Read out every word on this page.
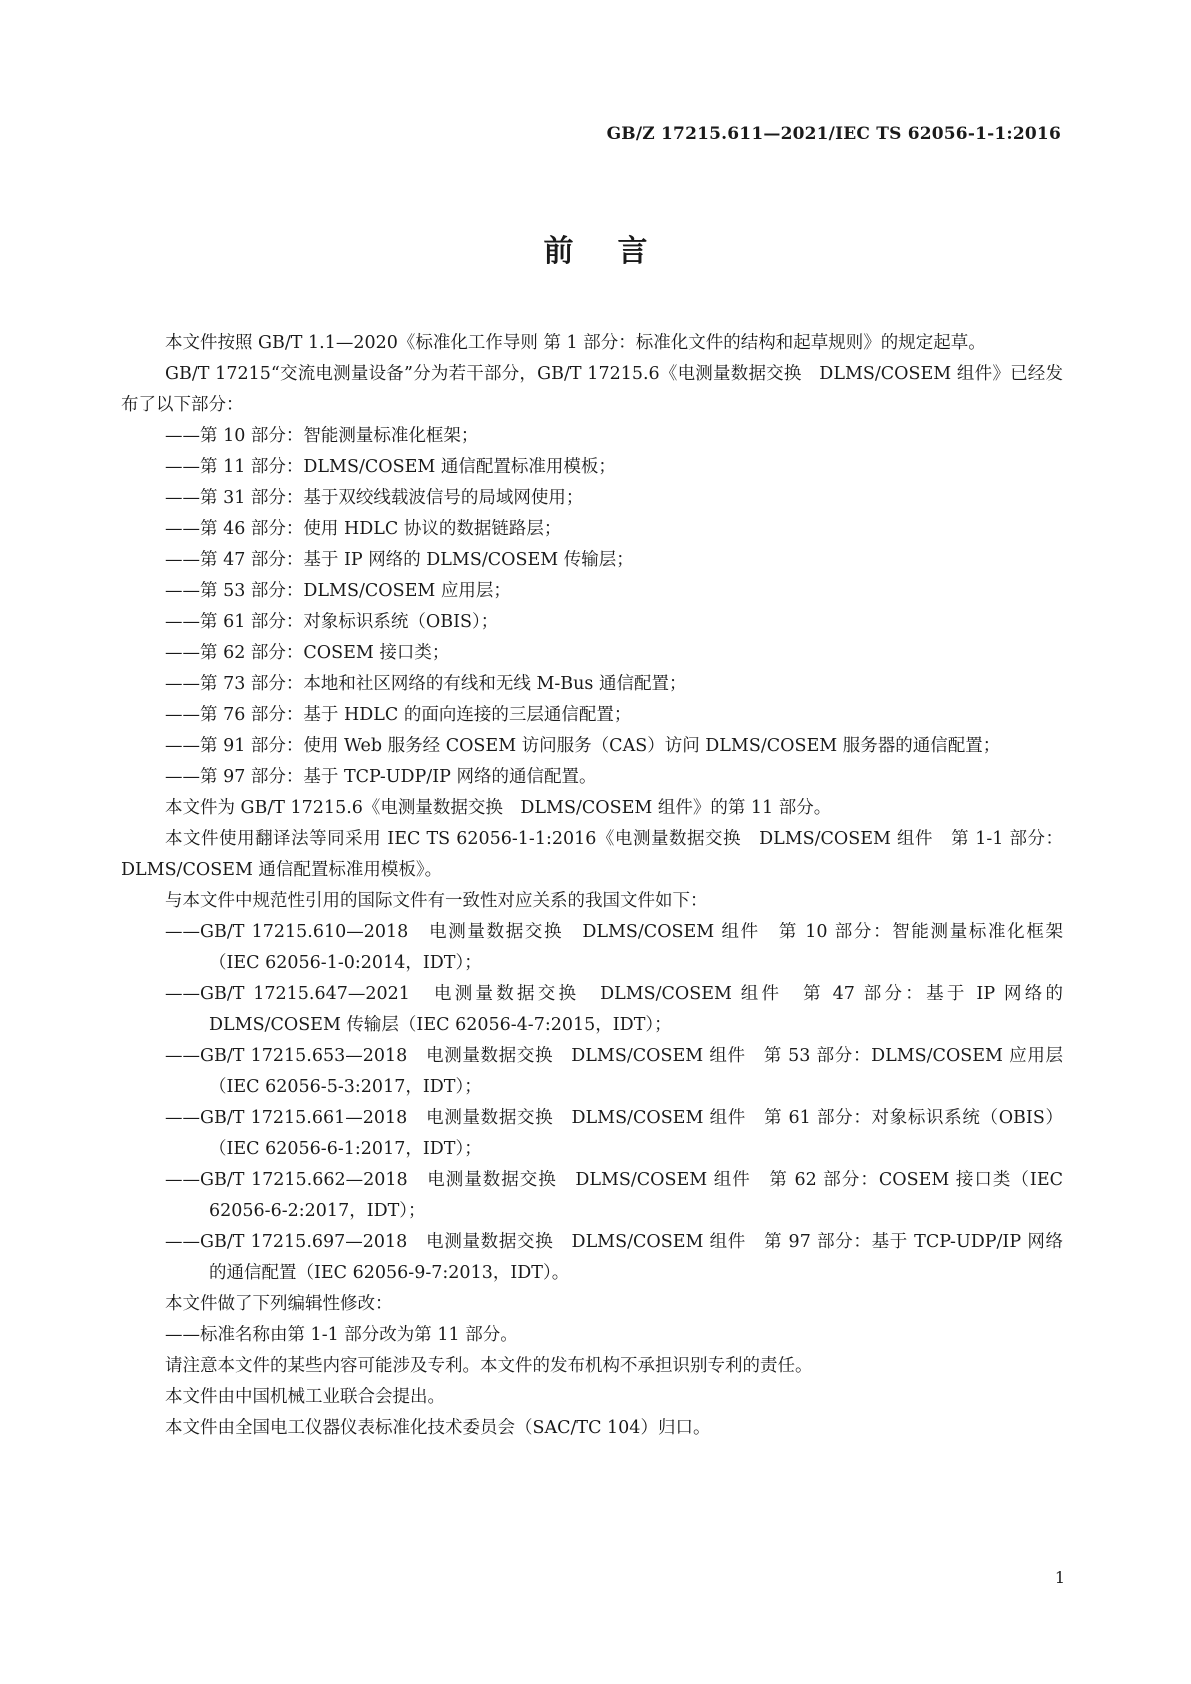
GB/Z 17215.611—2021/IEC TS 62056-1-1:2016
前言

本文件按照 GB/T 1.1—2020《标准化工作导则 第 1 部分：标准化文件的结构和起草规则》的规定起草。

GB/T 17215“交流电测量设备”分为若干部分，GB/T 17215.6《电测量数据交换　DLMS/COSEM 组件》已经发布了以下部分：

——第 10 部分：智能测量标准化框架；

——第 11 部分：DLMS/COSEM 通信配置标准用模板；

——第 31 部分：基于双绞线载波信号的局域网使用；

——第 46 部分：使用 HDLC 协议的数据链路层；

——第 47 部分：基于 IP 网络的 DLMS/COSEM 传输层；

——第 53 部分：DLMS/COSEM 应用层；

——第 61 部分：对象标识系统（OBIS）；

——第 62 部分：COSEM 接口类；

——第 73 部分：本地和社区网络的有线和无线 M-Bus 通信配置；

——第 76 部分：基于 HDLC 的面向连接的三层通信配置；

——第 91 部分：使用 Web 服务经 COSEM 访问服务（CAS）访问 DLMS/COSEM 服务器的通信配置；

——第 97 部分：基于 TCP-UDP/IP 网络的通信配置。

本文件为 GB/T 17215.6《电测量数据交换　DLMS/COSEM 组件》的第 11 部分。

本文件使用翻译法等同采用 IEC TS 62056-1-1:2016《电测量数据交换　DLMS/COSEM 组件　第 1-1 部分：DLMS/COSEM 通信配置标准用模板》。

与本文件中规范性引用的国际文件有一致性对应关系的我国文件如下：

——GB/T 17215.610—2018　电测量数据交换　DLMS/COSEM 组件　第 10 部分：智能测量标准化框架（IEC 62056-1-0:2014，IDT）；

——GB/T 17215.647—2021　电测量数据交换　DLMS/COSEM 组件　第 47 部分：基于 IP 网络的 DLMS/COSEM 传输层（IEC 62056-4-7:2015，IDT）；

——GB/T 17215.653—2018　电测量数据交换　DLMS/COSEM 组件　第 53 部分：DLMS/COSEM 应用层（IEC 62056-5-3:2017，IDT）；

——GB/T 17215.661—2018　电测量数据交换　DLMS/COSEM 组件　第 61 部分：对象标识系统（OBIS）（IEC 62056-6-1:2017，IDT）；

——GB/T 17215.662—2018　电测量数据交换　DLMS/COSEM 组件　第 62 部分：COSEM 接口类（IEC 62056-6-2:2017，IDT）；

——GB/T 17215.697—2018　电测量数据交换　DLMS/COSEM 组件　第 97 部分：基于 TCP-UDP/IP 网络的通信配置（IEC 62056-9-7:2013，IDT）。

本文件做了下列编辑性修改：

——标准名称由第 1-1 部分改为第 11 部分。

请注意本文件的某些内容可能涉及专利。本文件的发布机构不承担识别专利的责任。

本文件由中国机械工业联合会提出。

本文件由全国电工仪器仪表标准化技术委员会（SAC/TC 104）归口。

1
